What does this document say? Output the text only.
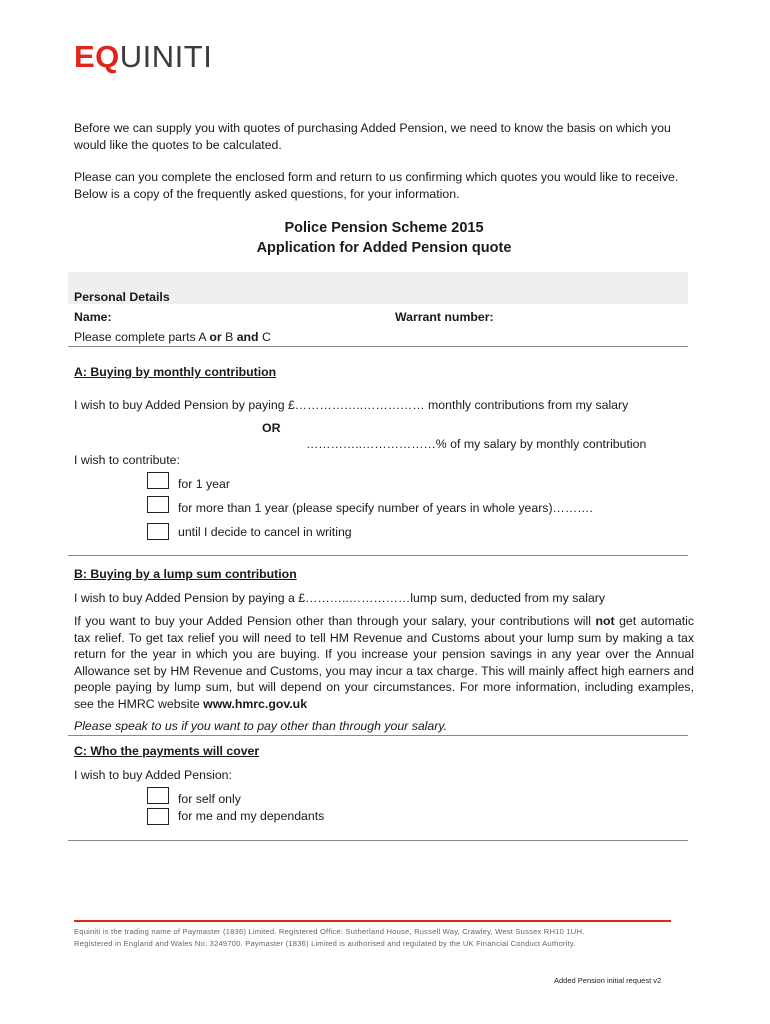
EQUINITI
Before we can supply you with quotes of purchasing Added Pension, we need to know the basis on which you would like the quotes to be calculated.
Please can you complete the enclosed form and return to us confirming which quotes you would like to receive. Below is a copy of the frequently asked questions, for your information.
Police Pension Scheme 2015
Application for Added Pension quote
Personal Details
Name:	Warrant number:
Please complete parts A or B and C
A: Buying by monthly contribution
I wish to buy Added Pension by paying £……………..…………… monthly contributions from my salary
OR
…………..………………% of my salary by monthly contribution
I wish to contribute:
for 1 year
for more than 1 year (please specify number of years in whole years)……….
until I decide to cancel in writing
B: Buying by a lump sum contribution
I wish to buy Added Pension by paying a £………..……………lump sum, deducted from my salary
If you want to buy your Added Pension other than through your salary, your contributions will not get automatic tax relief. To get tax relief you will need to tell HM Revenue and Customs about your lump sum by making a tax return for the year in which you are buying. If you increase your pension savings in any year over the Annual Allowance set by HM Revenue and Customs, you may incur a tax charge. This will mainly affect high earners and people paying by lump sum, but will depend on your circumstances. For more information, including examples, see the HMRC website www.hmrc.gov.uk
Please speak to us if you want to pay other than through your salary.
C: Who the payments will cover
I wish to buy Added Pension:
for self only
for me and my dependants
Equiniti is the trading name of Paymaster (1836) Limited. Registered Office: Sutherland House, Russell Way, Crawley, West Sussex RH10 1UH.
Registered in England and Wales No. 3249700. Paymaster (1836) Limited is authorised and regulated by the UK Financial Conduct Authority.
Added Pension initial request v2
